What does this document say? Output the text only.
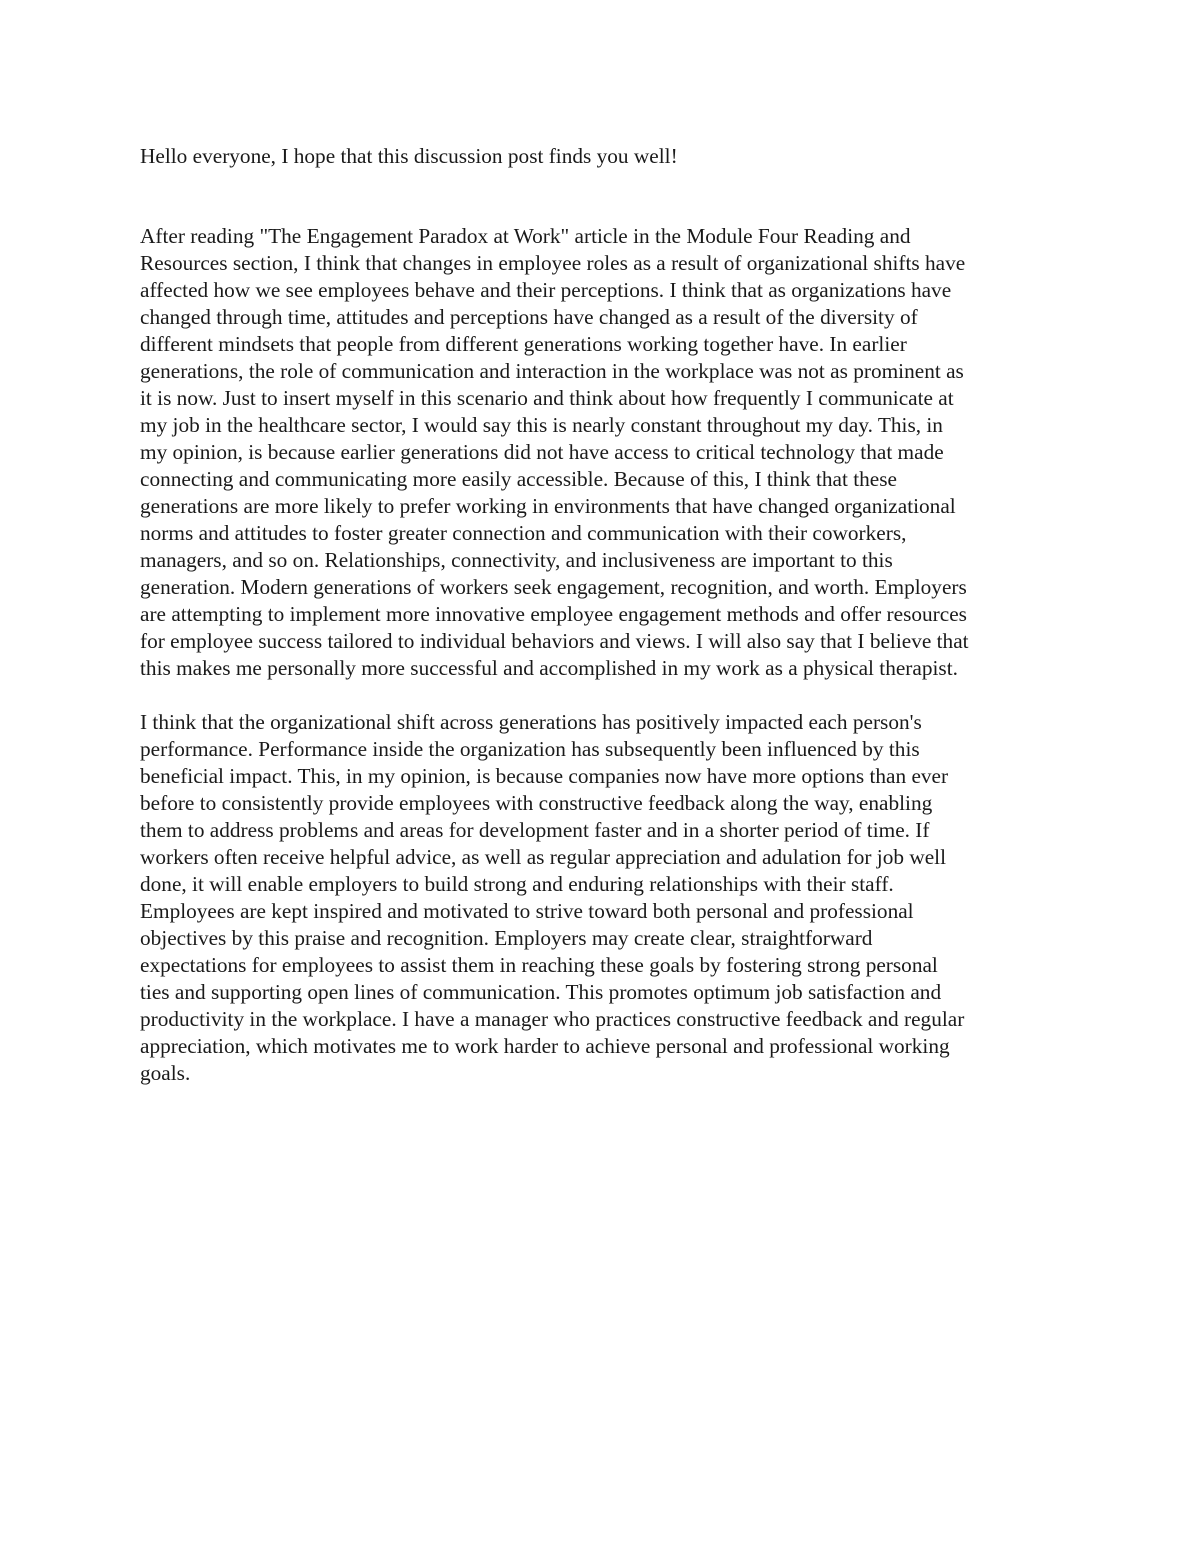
Hello everyone, I hope that this discussion post finds you well!

After reading "The Engagement Paradox at Work" article in the Module Four Reading and
Resources section, I think that changes in employee roles as a result of organizational shifts have
affected how we see employees behave and their perceptions. I think that as organizations have
changed through time, attitudes and perceptions have changed as a result of the diversity of
different mindsets that people from different generations working together have. In earlier
generations, the role of communication and interaction in the workplace was not as prominent as
it is now. Just to insert myself in this scenario and think about how frequently I communicate at
my job in the healthcare sector, I would say this is nearly constant throughout my day. This, in
my opinion, is because earlier generations did not have access to critical technology that made
connecting and communicating more easily accessible. Because of this, I think that these
generations are more likely to prefer working in environments that have changed organizational
norms and attitudes to foster greater connection and communication with their coworkers,
managers, and so on. Relationships, connectivity, and inclusiveness are important to this
generation. Modern generations of workers seek engagement, recognition, and worth. Employers
are attempting to implement more innovative employee engagement methods and offer resources
for employee success tailored to individual behaviors and views. I will also say that I believe that
this makes me personally more successful and accomplished in my work as a physical therapist.

I think that the organizational shift across generations has positively impacted each person's
performance. Performance inside the organization has subsequently been influenced by this
beneficial impact. This, in my opinion, is because companies now have more options than ever
before to consistently provide employees with constructive feedback along the way, enabling
them to address problems and areas for development faster and in a shorter period of time. If
workers often receive helpful advice, as well as regular appreciation and adulation for job well
done, it will enable employers to build strong and enduring relationships with their staff.
Employees are kept inspired and motivated to strive toward both personal and professional
objectives by this praise and recognition. Employers may create clear, straightforward
expectations for employees to assist them in reaching these goals by fostering strong personal
ties and supporting open lines of communication. This promotes optimum job satisfaction and
productivity in the workplace. I have a manager who practices constructive feedback and regular
appreciation, which motivates me to work harder to achieve personal and professional working
goals.
